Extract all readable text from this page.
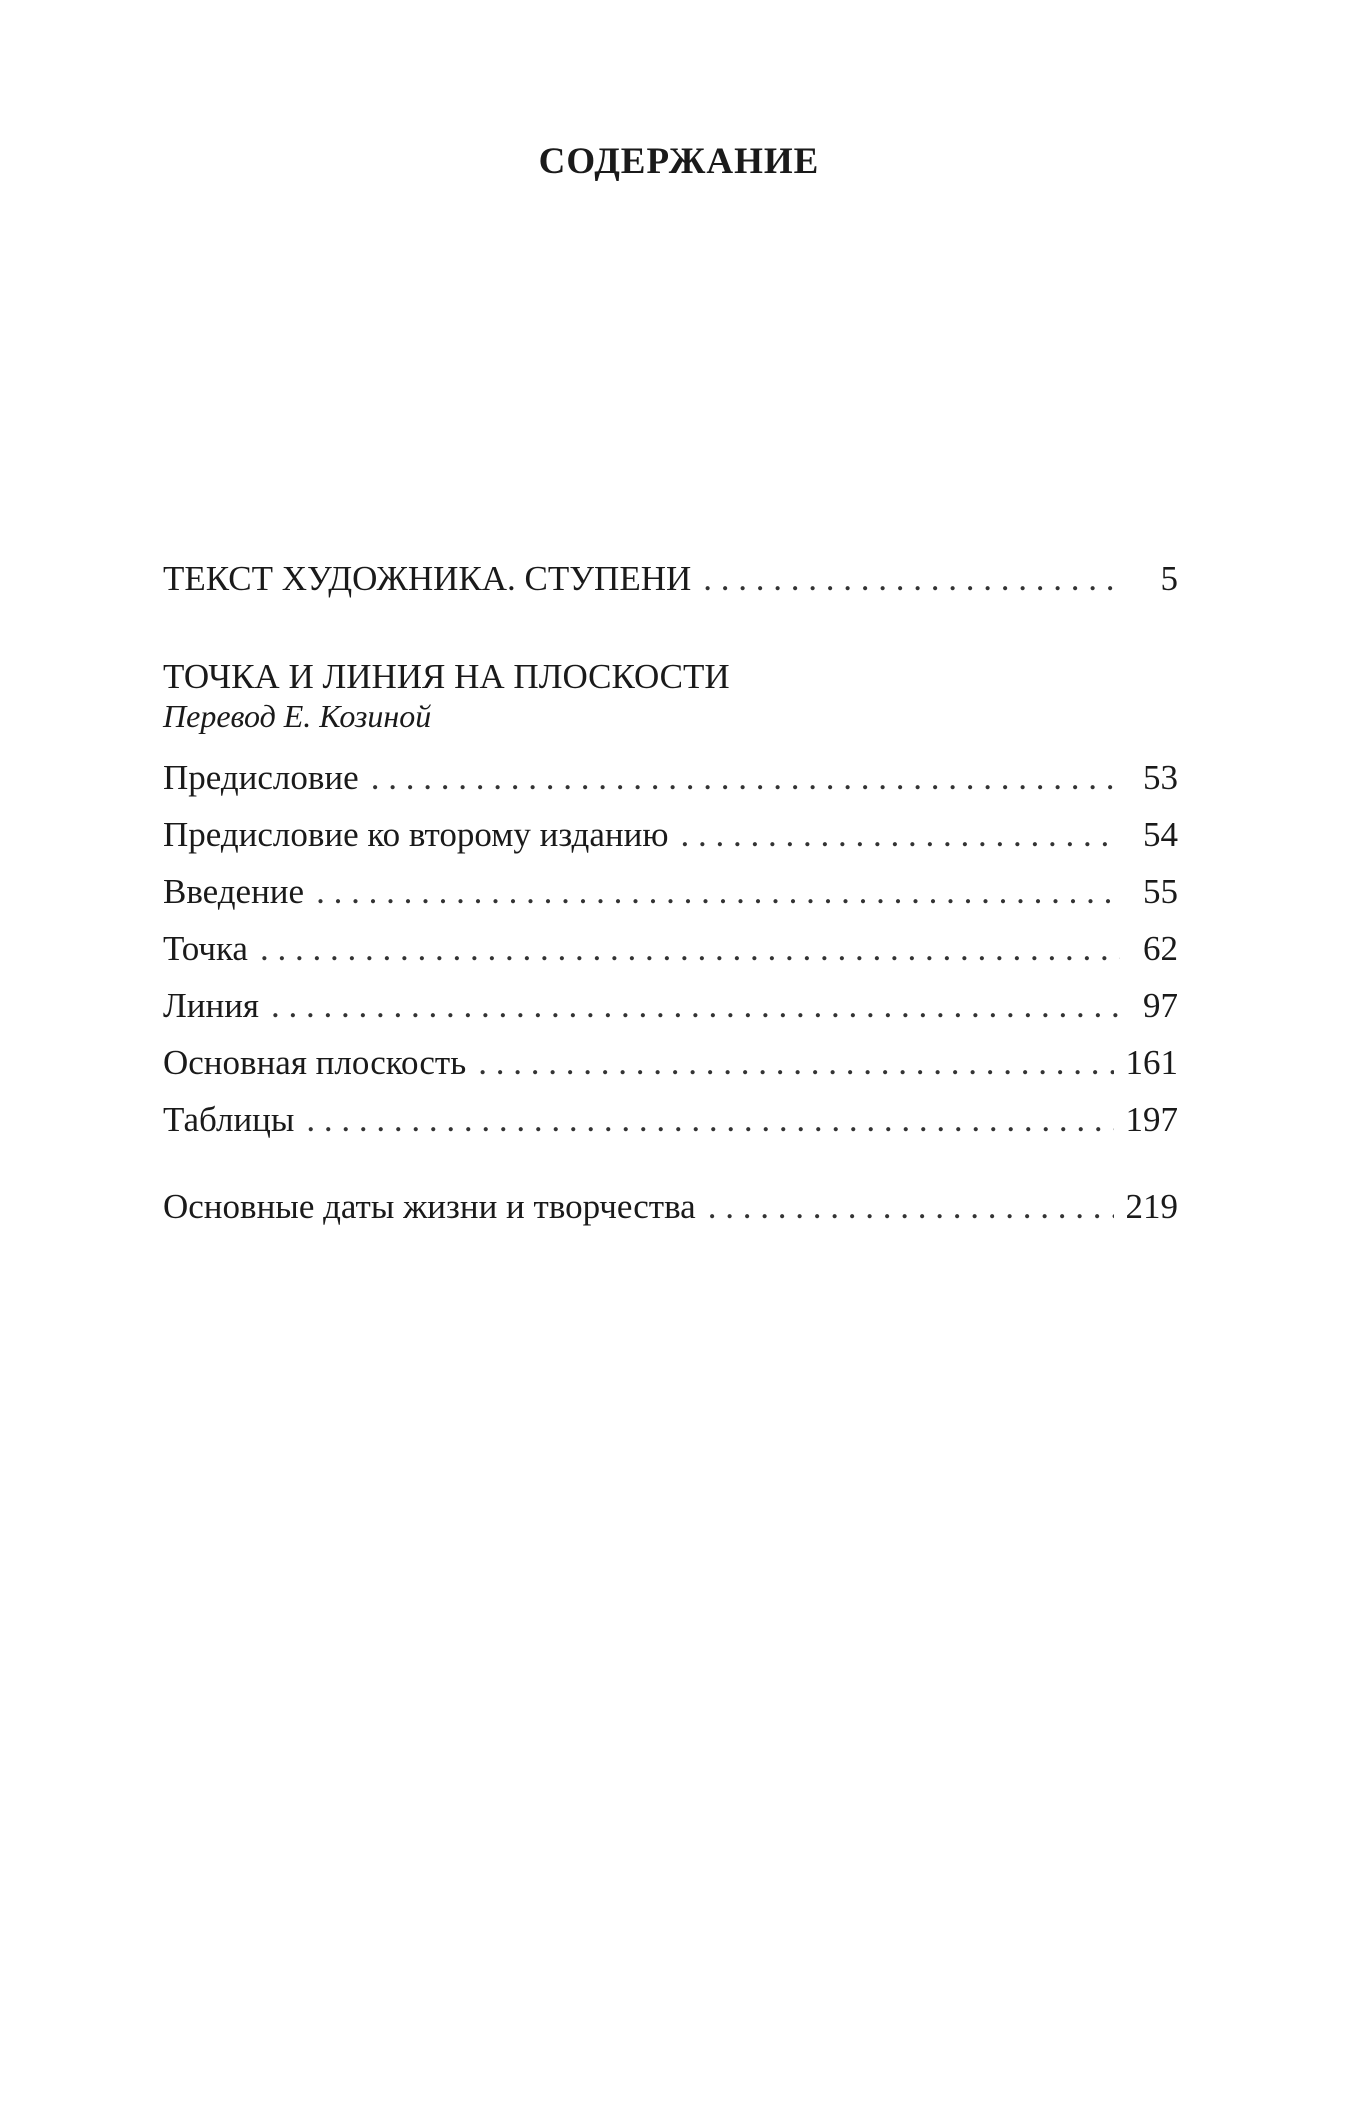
СОДЕРЖАНИЕ
ТЕКСТ ХУДОЖНИКА. СТУПЕНИ . . .	5
ТОЧКА И ЛИНИЯ НА ПЛОСКОСТИ
Перевод Е. Козиной
Предисловие . . .	53
Предисловие ко второму изданию . . .	54
Введение . . .	55
Точка . . .	62
Линия . . .	97
Основная плоскость . . .	161
Таблицы . . .	197
Основные даты жизни и творчества . . .	219
